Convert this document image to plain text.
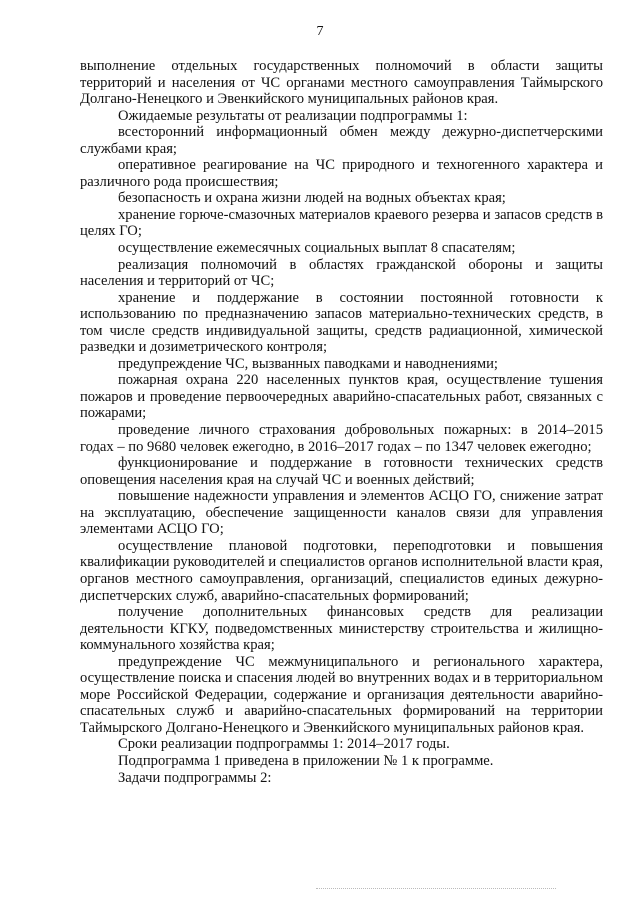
7

выполнение отдельных государственных полномочий в области защиты территорий и населения от ЧС органами местного самоуправления Таймырского Долгано-Ненецкого и Эвенкийского муниципальных районов края.

Ожидаемые результаты от реализации подпрограммы 1:

всесторонний информационный обмен между дежурно-диспетчерскими службами края;

оперативное реагирование на ЧС природного и техногенного характера и различного рода происшествия;

безопасность и охрана жизни людей на водных объектах края;

хранение горюче-смазочных материалов краевого резерва и запасов средств в целях ГО;

осуществление ежемесячных социальных выплат 8 спасателям;

реализация полномочий в областях гражданской обороны и защиты населения и территорий от ЧС;

хранение и поддержание в состоянии постоянной готовности к использованию по предназначению запасов материально-технических средств, в том числе средств индивидуальной защиты, средств радиационной, химической разведки и дозиметрического контроля;

предупреждение ЧС, вызванных паводками и наводнениями;

пожарная охрана 220 населенных пунктов края, осуществление тушения пожаров и проведение первоочередных аварийно-спасательных работ, связанных с пожарами;

проведение личного страхования добровольных пожарных: в 2014–2015 годах – по 9680 человек ежегодно, в 2016–2017 годах – по 1347 человек ежегодно;

функционирование и поддержание в готовности технических средств оповещения населения края на случай ЧС и военных действий;

повышение надежности управления и элементов АСЦО ГО, снижение затрат на эксплуатацию, обеспечение защищенности каналов связи для управления элементами АСЦО ГО;

осуществление плановой подготовки, переподготовки и повышения квалификации руководителей и специалистов органов исполнительной власти края, органов местного самоуправления, организаций, специалистов единых дежурно-диспетчерских служб, аварийно-спасательных формирований;

получение дополнительных финансовых средств для реализации деятельности КГКУ, подведомственных министерству строительства и жилищно-коммунального хозяйства края;

предупреждение ЧС межмуниципального и регионального характера, осуществление поиска и спасения людей во внутренних водах и в территориальном море Российской Федерации, содержание и организация деятельности аварийно-спасательных служб и аварийно-спасательных формирований на территории Таймырского Долгано-Ненецкого и Эвенкийского муниципальных районов края.

Сроки реализации подпрограммы 1: 2014–2017 годы.

Подпрограмма 1 приведена в приложении № 1 к программе.

Задачи подпрограммы 2:
